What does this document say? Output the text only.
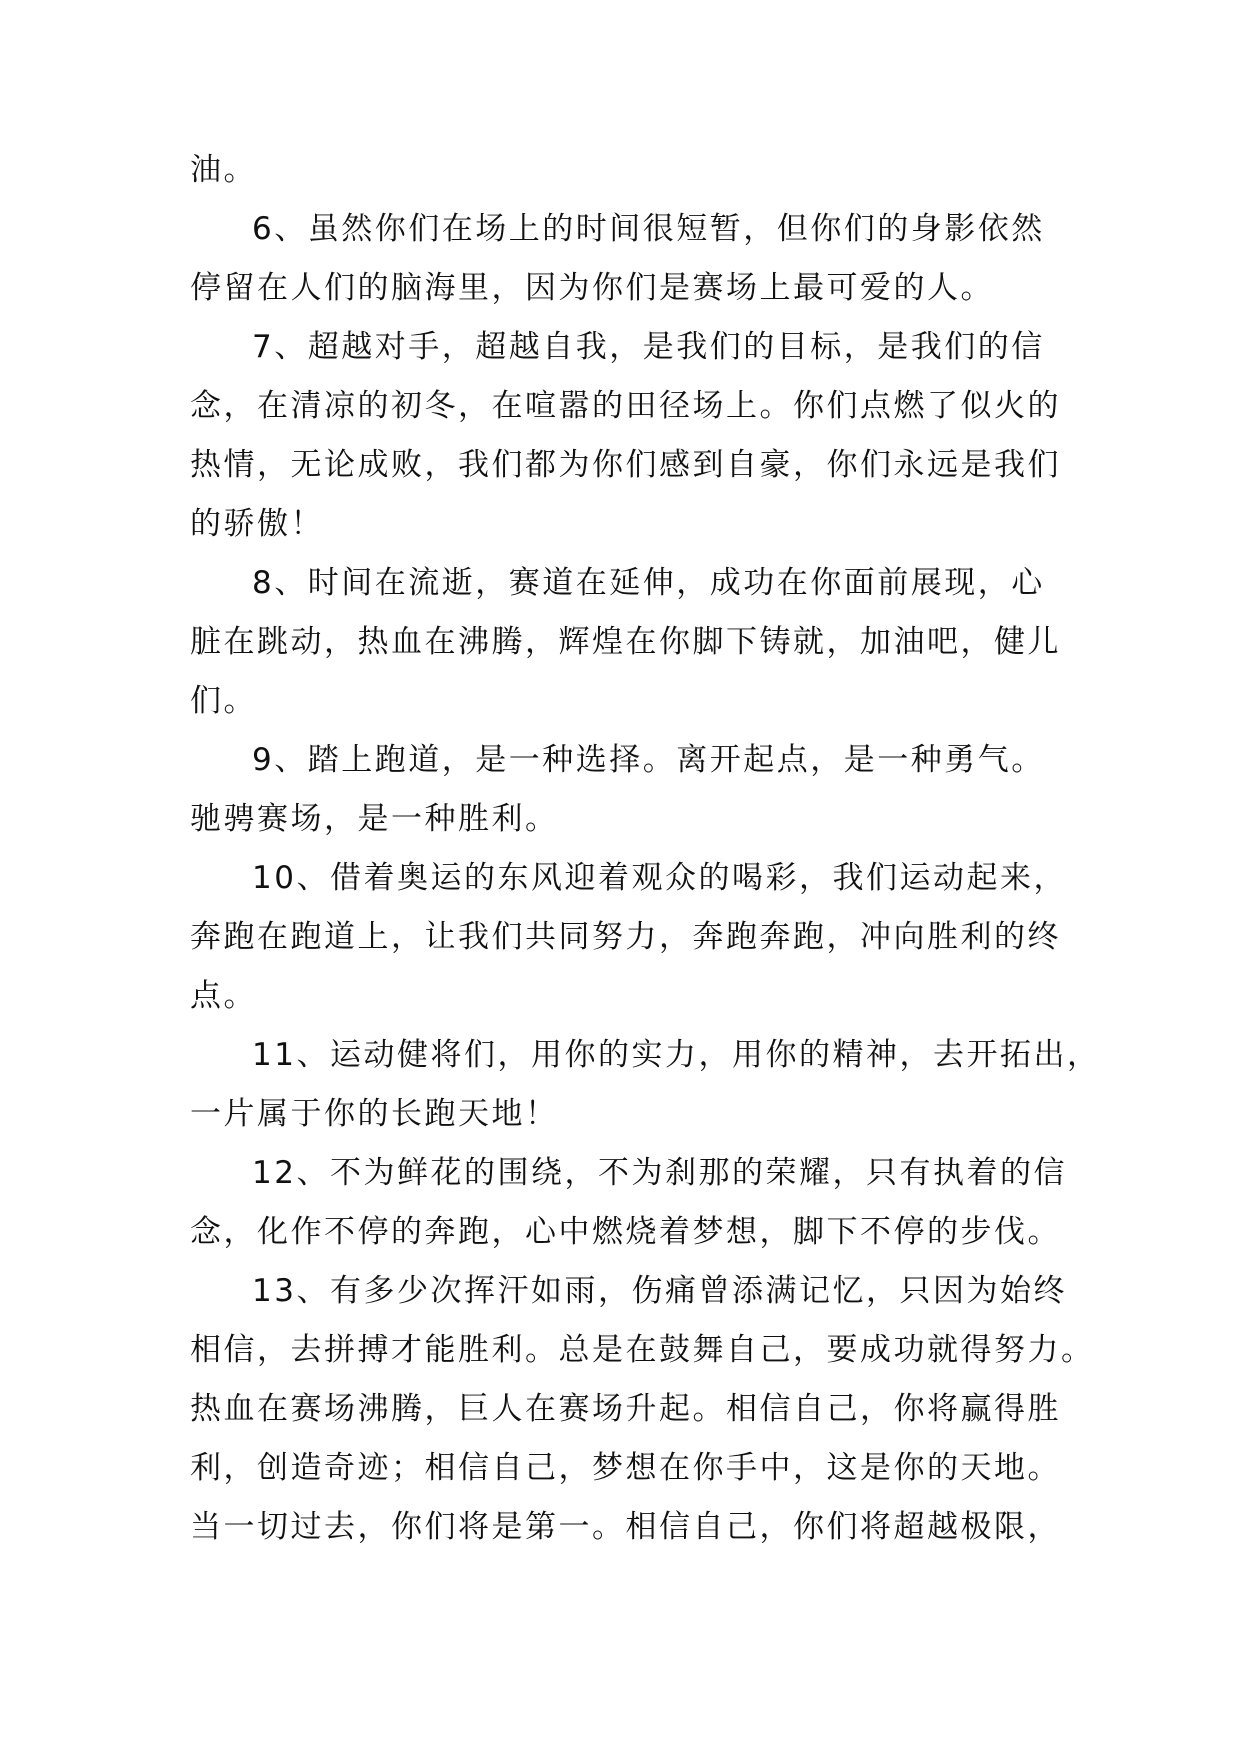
油。

6、虽然你们在场上的时间很短暂，但你们的身影依然

停留在人们的脑海里，因为你们是赛场上最可爱的人。

7、超越对手，超越自我，是我们的目标，是我们的信

念，在清凉的初冬，在喧嚣的田径场上。你们点燃了似火的

热情，无论成败，我们都为你们感到自豪，你们永远是我们

的骄傲！

8、时间在流逝，赛道在延伸，成功在你面前展现，心

脏在跳动，热血在沸腾，辉煌在你脚下铸就，加油吧，健儿

们。

9、踏上跑道，是一种选择。离开起点，是一种勇气。

驰骋赛场，是一种胜利。

10、借着奥运的东风迎着观众的喝彩，我们运动起来，

奔跑在跑道上，让我们共同努力，奔跑奔跑，冲向胜利的终

点。

11、运动健将们，用你的实力，用你的精神，去开拓出，

一片属于你的长跑天地！

12、不为鲜花的围绕，不为刹那的荣耀，只有执着的信

念，化作不停的奔跑，心中燃烧着梦想，脚下不停的步伐。

13、有多少次挥汗如雨，伤痛曾添满记忆，只因为始终

相信，去拼搏才能胜利。总是在鼓舞自己，要成功就得努力。

热血在赛场沸腾，巨人在赛场升起。相信自己，你将赢得胜

利，创造奇迹；相信自己，梦想在你手中，这是你的天地。

当一切过去，你们将是第一。相信自己，你们将超越极限，
